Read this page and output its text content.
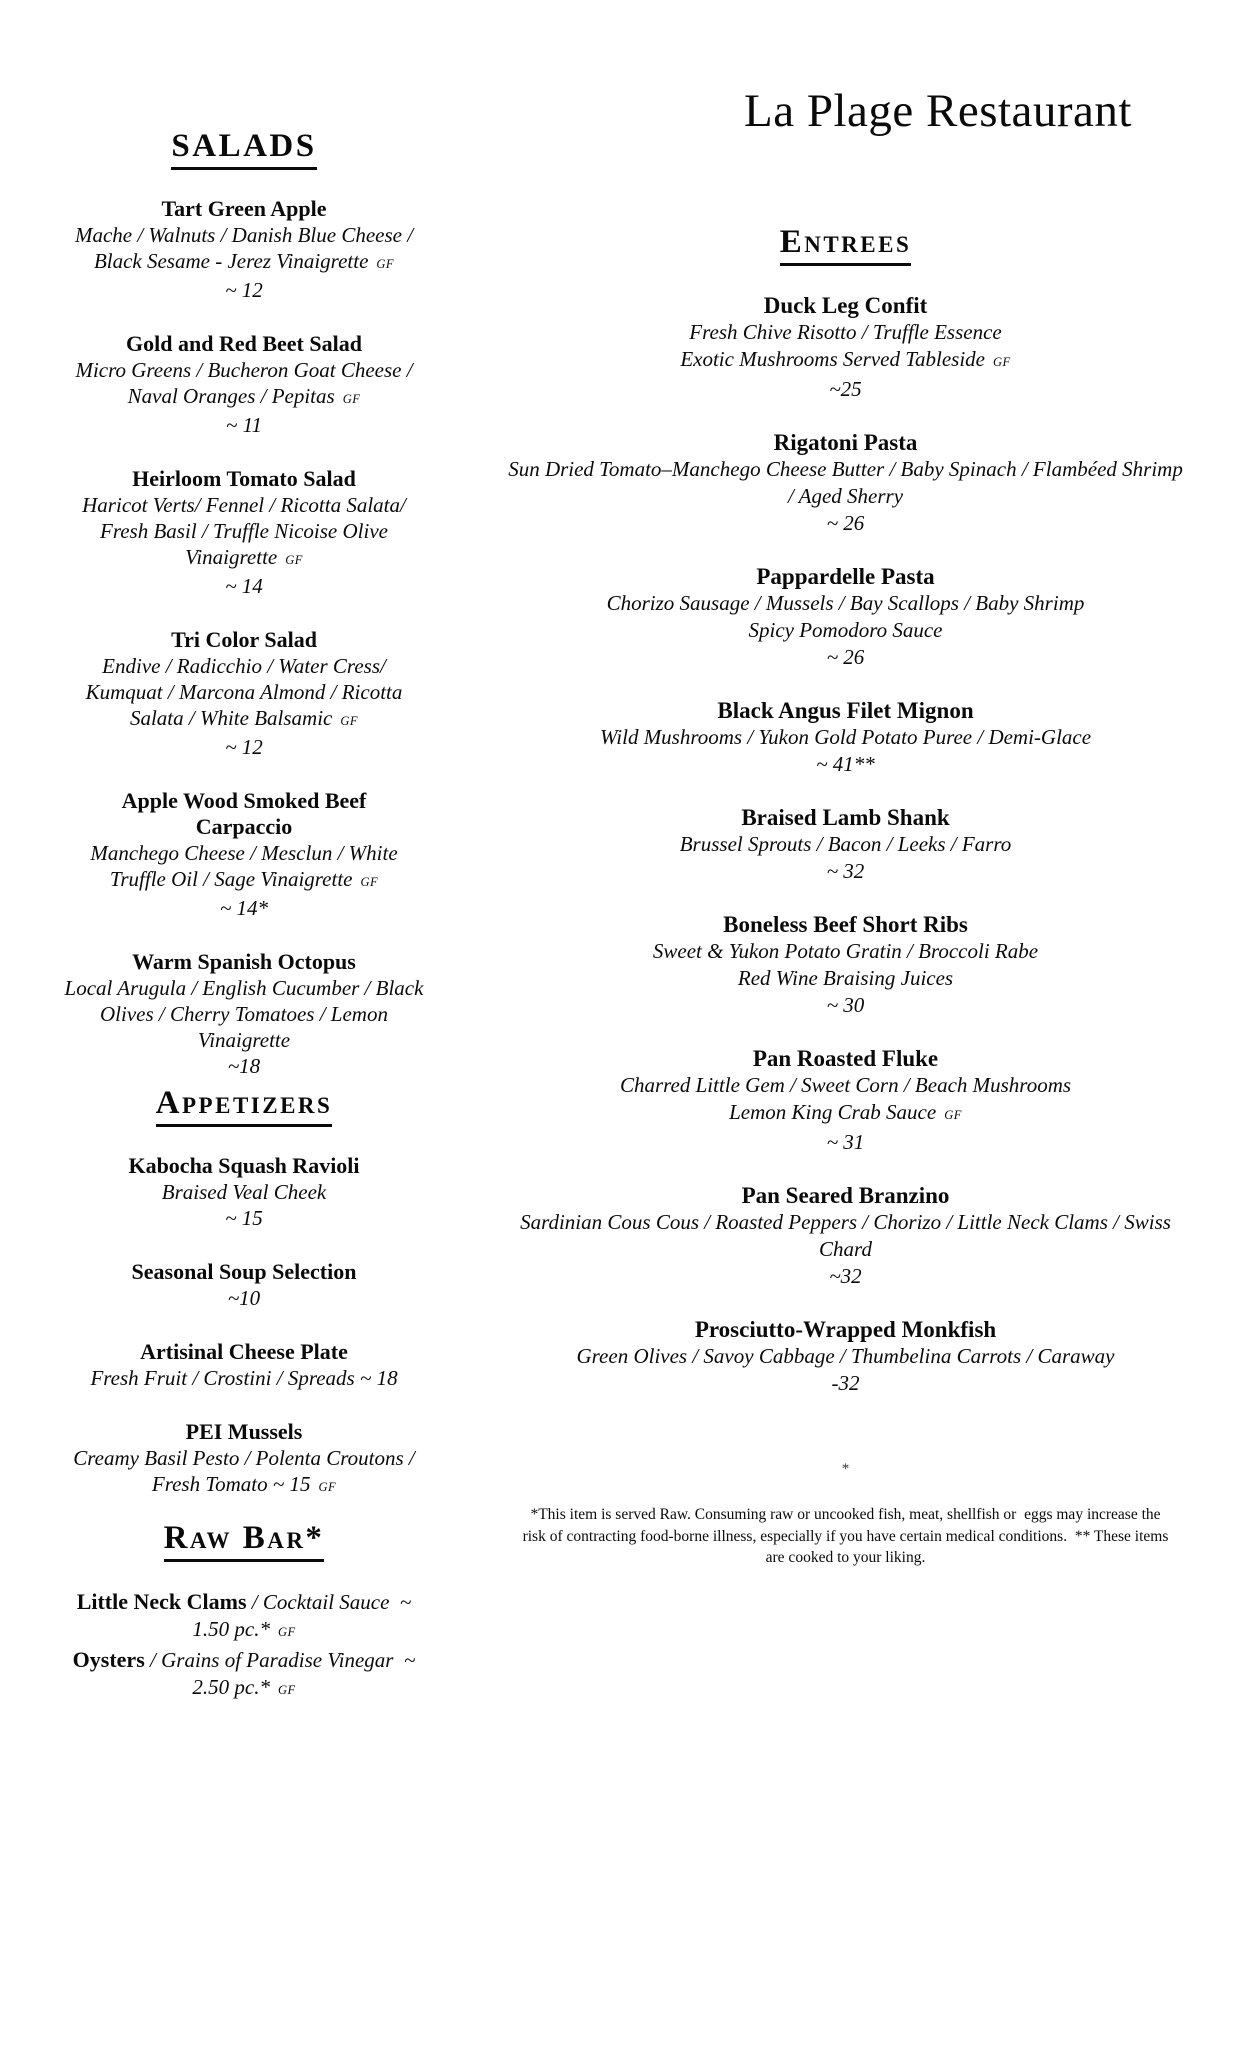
La Plage Restaurant
SALADS
Tart Green Apple
Mache / Walnuts / Danish Blue Cheese /
Black Sesame - Jerez Vinaigrette GF
~ 12
Gold and Red Beet Salad
Micro Greens / Bucheron Goat Cheese /
Naval Oranges / Pepitas GF
~ 11
Heirloom Tomato Salad
Haricot Verts/ Fennel / Ricotta Salata/
Fresh Basil / Truffle Nicoise Olive
Vinaigrette GF
~ 14
Tri Color Salad
Endive / Radicchio / Water Cress/
Kumquat / Marcona Almond / Ricotta
Salata / White Balsamic GF
~ 12
Apple Wood Smoked Beef
Carpaccio
Manchego Cheese / Mesclun / White
Truffle Oil / Sage Vinaigrette GF
~ 14*
Warm Spanish Octopus
Local Arugula / English Cucumber / Black
Olives / Cherry Tomatoes / Lemon
Vinaigrette
~18
Appetizers
Kabocha Squash Ravioli
Braised Veal Cheek
~ 15
Seasonal Soup Selection
~10
Artisinal Cheese Plate
Fresh Fruit / Crostini / Spreads ~ 18
PEI Mussels
Creamy Basil Pesto / Polenta Croutons /
Fresh Tomato ~ 15 GF
Raw Bar*
Little Neck Clams / Cocktail Sauce  ~
1.50 pc.* GF
Oysters / Grains of Paradise Vinegar  ~
2.50 pc.* GF
Entrees
Duck Leg Confit
Fresh Chive Risotto / Truffle Essence
Exotic Mushrooms Served Tableside GF
~25
Rigatoni Pasta
Sun Dried Tomato–Manchego Cheese Butter / Baby Spinach / Flambéed Shrimp
/ Aged Sherry
~ 26
Pappardelle Pasta
Chorizo Sausage / Mussels / Bay Scallops / Baby Shrimp
Spicy Pomodoro Sauce
~ 26
Black Angus Filet Mignon
Wild Mushrooms / Yukon Gold Potato Puree / Demi-Glace
~ 41**
Braised Lamb Shank
Brussel Sprouts / Bacon / Leeks / Farro
~ 32
Boneless Beef Short Ribs
Sweet & Yukon Potato Gratin / Broccoli Rabe
Red Wine Braising Juices
~ 30
Pan Roasted Fluke
Charred Little Gem / Sweet Corn / Beach Mushrooms
Lemon King Crab Sauce GF
~ 31
Pan Seared Branzino
Sardinian Cous Cous / Roasted Peppers / Chorizo / Little Neck Clams / Swiss
Chard
~32
Prosciutto-Wrapped Monkfish
Green Olives / Savoy Cabbage / Thumbelina Carrots / Caraway
-32
*
*This item is served Raw. Consuming raw or uncooked fish, meat, shellfish or  eggs may increase the
risk of contracting food-borne illness, especially if you have certain medical conditions.  ** These items
are cooked to your liking.
